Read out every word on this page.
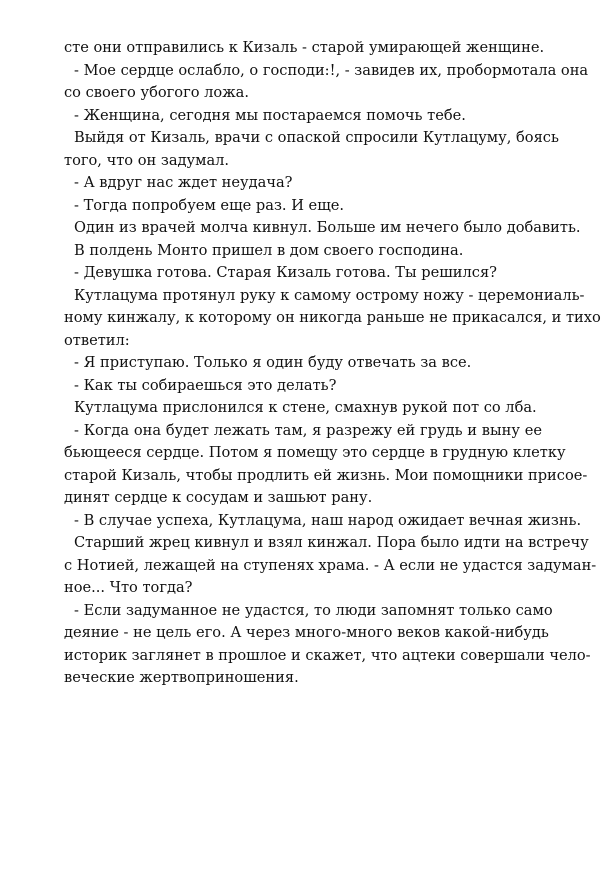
сте они отправились к Кизаль - старой умирающей женщине.
- Мое сердце ослабло, о господи:!, - завидев их, пробормотала она
со своего убогого ложа.
- Женщина, сегодня мы постараемся помочь тебе.
Выйдя от Кизаль, врачи с опаской спросили Кутлацуму, боясь
того, что он задумал.
- А вдруг нас ждет неудача?
- Тогда попробуем еще раз. И еще.
Один из врачей молча кивнул. Больше им нечего было добавить.
В полдень Монто пришел в дом своего господина.
- Девушка готова. Старая Кизаль готова. Ты решился?
Кутлацума протянул руку к самому острому ножу - церемониаль-
ному кинжалу, к которому он никогда раньше не прикасался, и тихо
ответил:
- Я приступаю. Только я один буду отвечать за все.
- Как ты собираешься это делать?
Кутлацума прислонился к стене, смахнув рукой пот со лба.
- Когда она будет лежать там, я разрежу ей грудь и выну ее
бьющееся сердце. Потом я помещу это сердце в грудную клетку
старой Кизаль, чтобы продлить ей жизнь. Мои помощники присое-
динят сердце к сосудам и зашьют рану.
- В случае успеха, Кутлацума, наш народ ожидает вечная жизнь.
Старший жрец кивнул и взял кинжал. Пора было идти на встречу
с Нотией, лежащей на ступенях храма. - А если не удастся задуман-
ное... Что тогда?
- Если задуманное не удастся, то люди запомнят только само
деяние - не цель его. А через много-много веков какой-нибудь
историк заглянет в прошлое и скажет, что ацтеки совершали чело-
веческие жертвоприношения.
